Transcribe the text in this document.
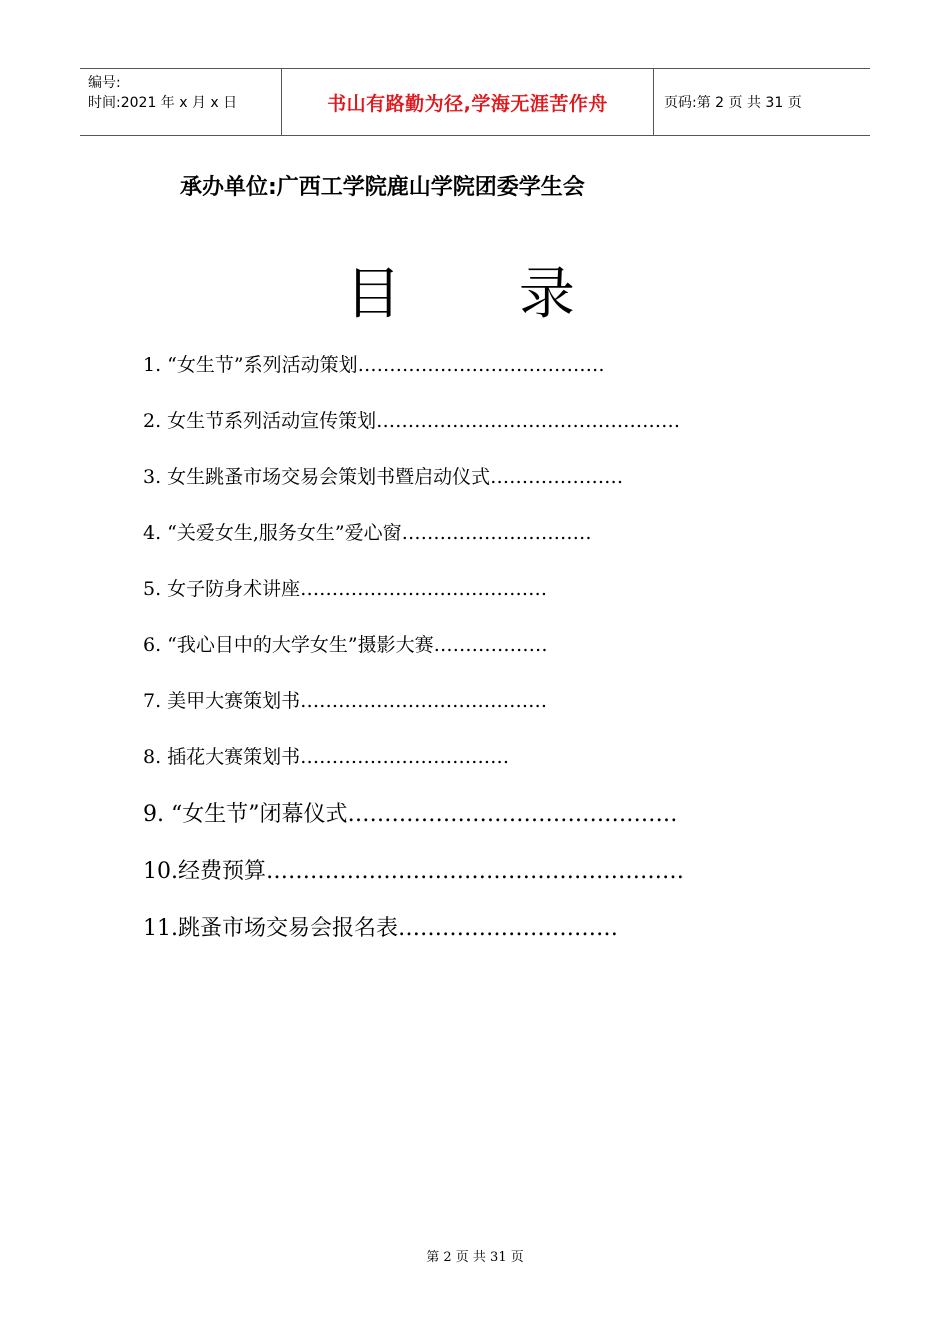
编号:
时间:2021 年 x 月 x 日	书山有路勤为径,学海无涯苦作舟	页码:第 2 页 共 31 页
承办单位:广西工学院鹿山学院团委学生会
目 录
1. “女生节”系列活动策划…………………………………
2. 女生节系列活动宣传策划…………………………………………
3. 女生跳蚤市场交易会策划书暨启动仪式…………………
4. “关爱女生,服务女生”爱心窗…………………………
5. 女子防身术讲座…………………………………
6. “我心目中的大学女生”摄影大赛………………
7. 美甲大赛策划书…………………………………
8. 插花大赛策划书……………………………
9. “女生节”闭幕仪式………………………………………
10.经费预算…………………………………………………
11.跳蚤市场交易会报名表…………………………
第 2 页 共 31 页
